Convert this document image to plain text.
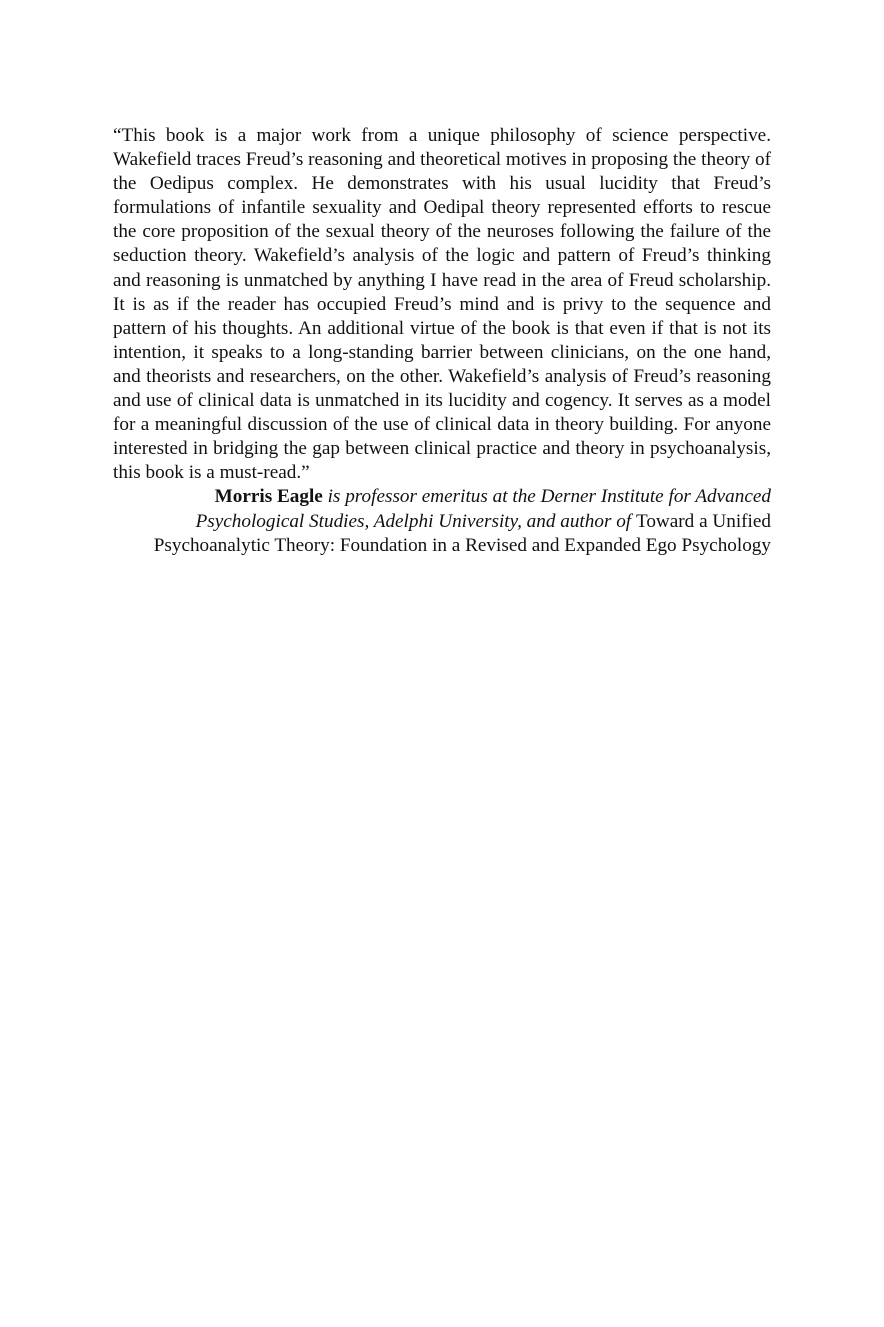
“This book is a major work from a unique philosophy of science perspective. Wakefield traces Freud’s reasoning and theoretical motives in proposing the theory of the Oedipus complex. He demonstrates with his usual lucidity that Freud’s formulations of infantile sexuality and Oedipal theory represented efforts to rescue the core proposition of the sexual theory of the neuroses following the failure of the seduction theory. Wakefield’s analysis of the logic and pattern of Freud’s thinking and reasoning is unmatched by anything I have read in the area of Freud scholarship. It is as if the reader has occupied Freud’s mind and is privy to the sequence and pattern of his thoughts. An additional virtue of the book is that even if that is not its intention, it speaks to a long-standing barrier between clinicians, on the one hand, and theorists and researchers, on the other. Wakefield’s analysis of Freud’s reasoning and use of clinical data is unmatched in its lucidity and cogency. It serves as a model for a meaningful discussion of the use of clinical data in theory building. For anyone interested in bridging the gap between clinical practice and theory in psychoanalysis, this book is a must-read.”

Morris Eagle is professor emeritus at the Derner Institute for Advanced Psychological Studies, Adelphi University, and author of Toward a Unified Psychoanalytic Theory: Foundation in a Revised and Expanded Ego Psychology
